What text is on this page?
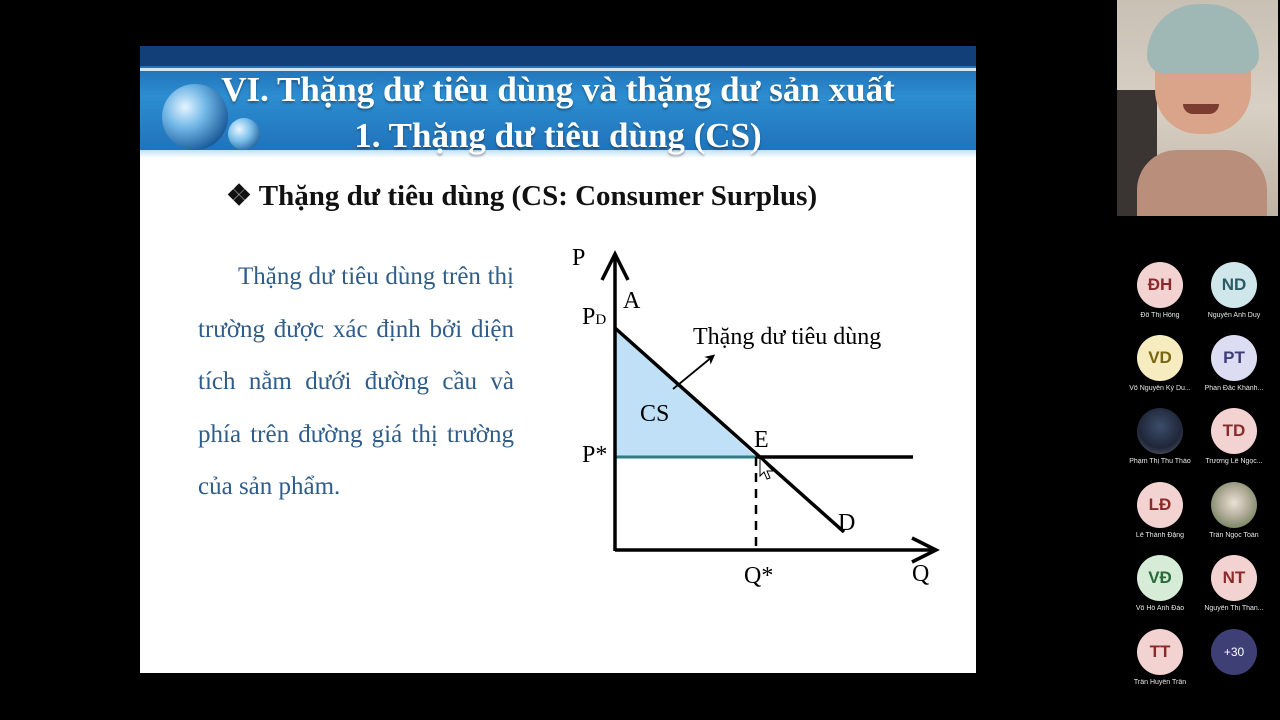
VI. Thặng dư tiêu dùng và thặng dư sản xuất
1. Thặng dư tiêu dùng (CS)
❖ Thặng dư tiêu dùng (CS: Consumer Surplus)
Thặng dư tiêu dùng trên thị trường được xác định bởi diện tích nằm dưới đường cầu và phía trên đường giá thị trường của sản phẩm.
P
Q
PD
A
P*
Q*
E
D
CS
Thặng dư tiêu dùng
ĐH
Đỗ Thị Hồng
ND
Nguyễn Anh Duy
VD
Võ Nguyễn Kỳ Du...
PT
Phan Đắc Khánh...
Phạm Thị Thu Thảo
TD
Trương Lê Ngọc...
LĐ
Lê Thành Đặng	Trần Ngọc Toàn
VĐ
Võ Hồ Anh Đào
NT
Nguyễn Thị Than...
TT
Trần Huyền Trân
+30
